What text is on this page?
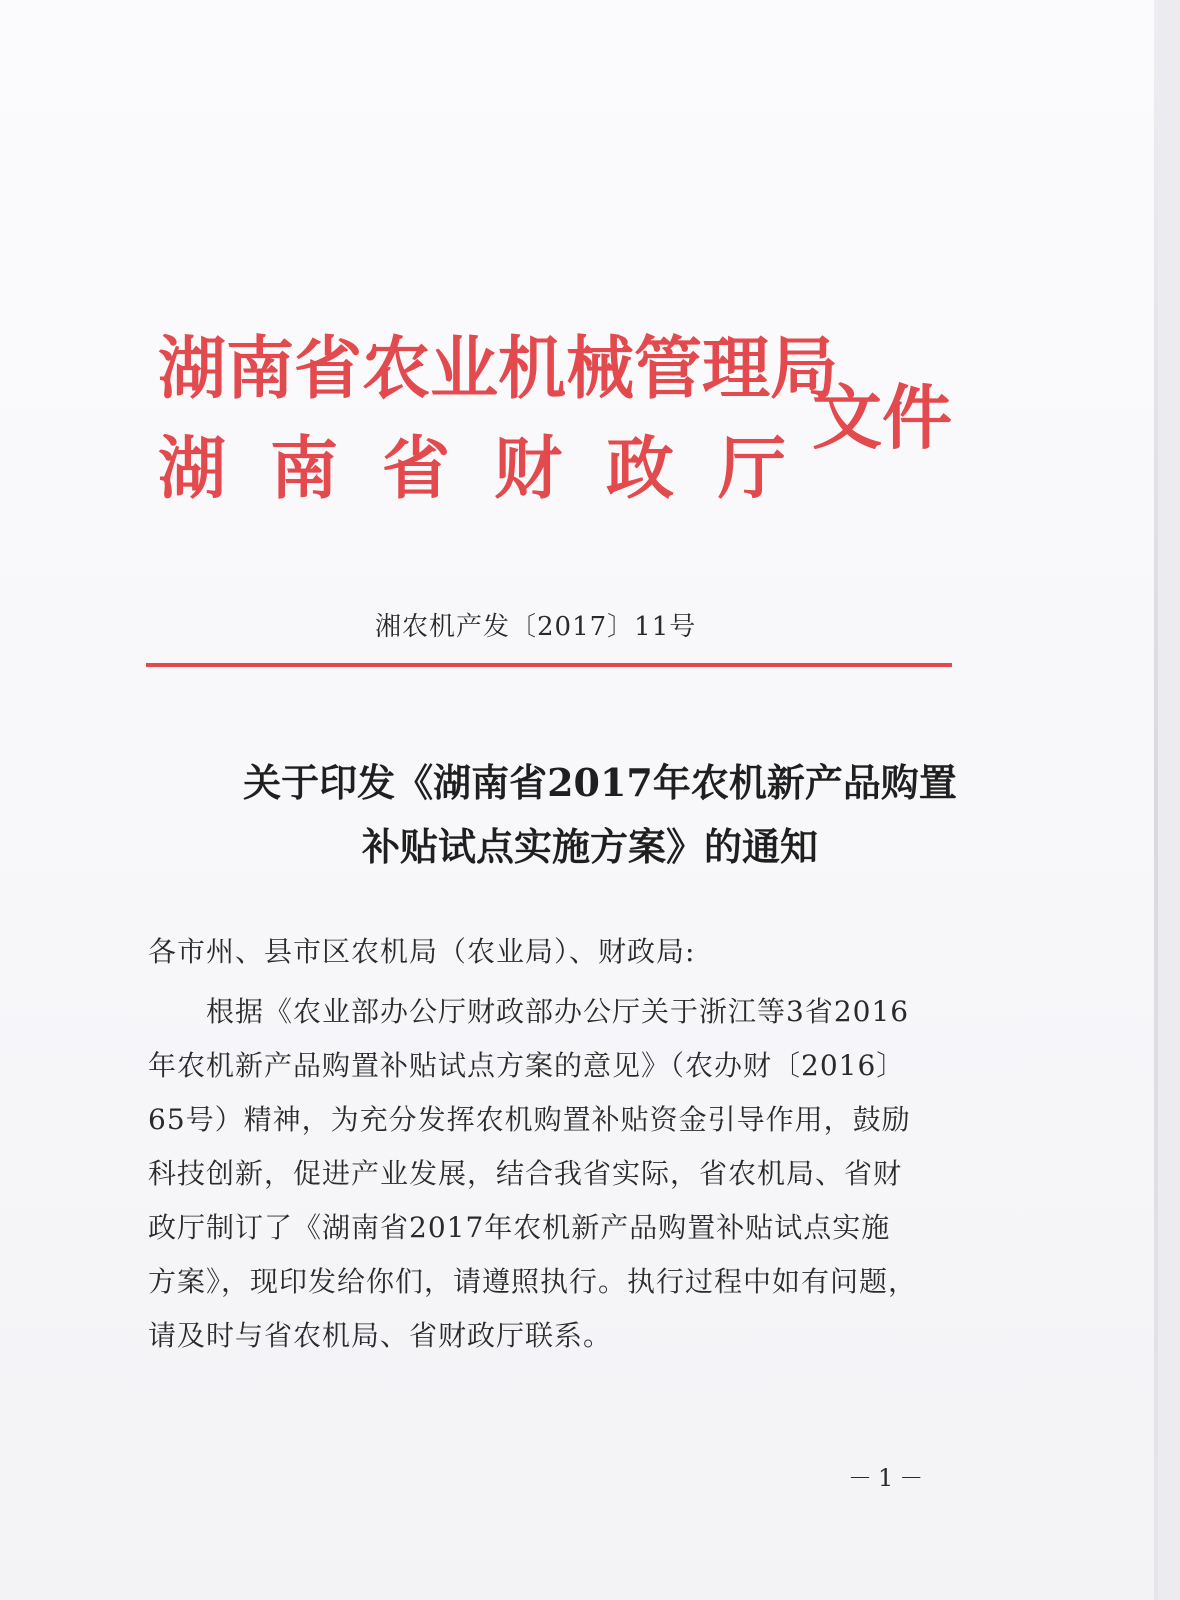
湖南省农业机械管理局
湖南省财政厅
文件
湘农机产发〔2017〕11号
关于印发《湖南省2017年农机新产品购置
补贴试点实施方案》的通知
各市州、县市区农机局（农业局）、财政局:
　　根据《农业部办公厅财政部办公厅关于浙江等3省2016
年农机新产品购置补贴试点方案的意见》（农办财〔2016〕
65号）精神，为充分发挥农机购置补贴资金引导作用，鼓励
科技创新，促进产业发展，结合我省实际，省农机局、省财
政厅制订了《湖南省2017年农机新产品购置补贴试点实施
方案》，现印发给你们，请遵照执行。执行过程中如有问题，
请及时与省农机局、省财政厅联系。
－1－
